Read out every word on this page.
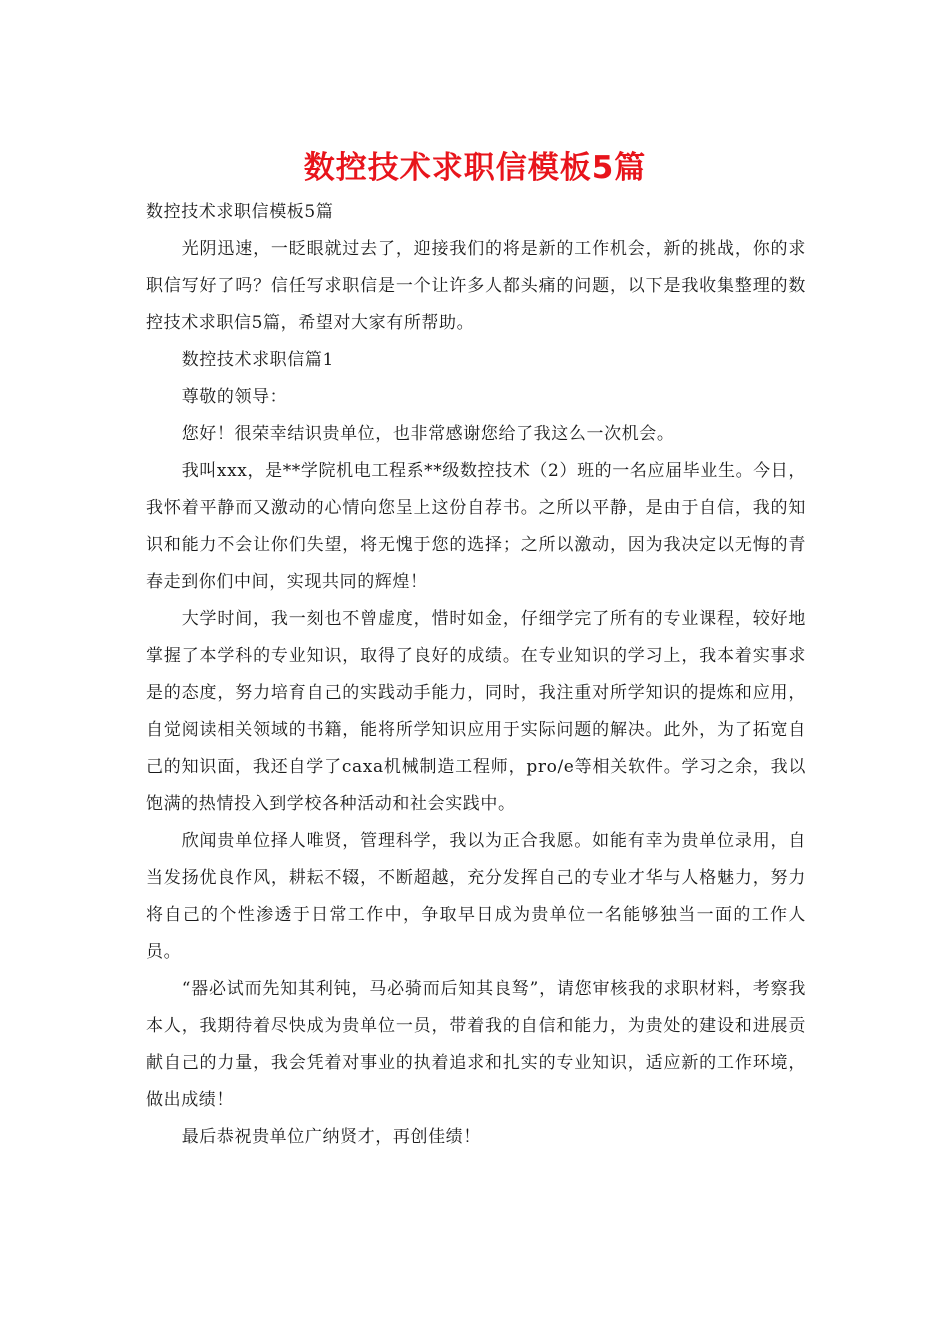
数控技术求职信模板5篇

数控技术求职信模板5篇

光阴迅速，一眨眼就过去了，迎接我们的将是新的工作机会，新的挑战，你的求职信写好了吗？信任写求职信是一个让许多人都头痛的问题，以下是我收集整理的数控技术求职信5篇，希望对大家有所帮助。

数控技术求职信篇1

尊敬的领导：

您好！很荣幸结识贵单位，也非常感谢您给了我这么一次机会。

我叫xxx，是**学院机电工程系**级数控技术（2）班的一名应届毕业生。今日，我怀着平静而又激动的心情向您呈上这份自荐书。之所以平静，是由于自信，我的知识和能力不会让你们失望，将无愧于您的选择；之所以激动，因为我决定以无悔的青春走到你们中间，实现共同的辉煌！

大学时间，我一刻也不曾虚度，惜时如金，仔细学完了所有的专业课程，较好地掌握了本学科的专业知识，取得了良好的成绩。在专业知识的学习上，我本着实事求是的态度，努力培育自己的实践动手能力，同时，我注重对所学知识的提炼和应用，自觉阅读相关领域的书籍，能将所学知识应用于实际问题的解决。此外，为了拓宽自己的知识面，我还自学了caxa机械制造工程师，pro/e等相关软件。学习之余，我以饱满的热情投入到学校各种活动和社会实践中。

欣闻贵单位择人唯贤，管理科学，我以为正合我愿。如能有幸为贵单位录用，自当发扬优良作风，耕耘不辍，不断超越，充分发挥自己的专业才华与人格魅力，努力将自己的个性渗透于日常工作中，争取早日成为贵单位一名能够独当一面的工作人员。

“器必试而先知其利钝，马必骑而后知其良驽”，请您审核我的求职材料，考察我本人，我期待着尽快成为贵单位一员，带着我的自信和能力，为贵处的建设和进展贡献自己的力量，我会凭着对事业的执着追求和扎实的专业知识，适应新的工作环境，做出成绩！

最后恭祝贵单位广纳贤才，再创佳绩！
